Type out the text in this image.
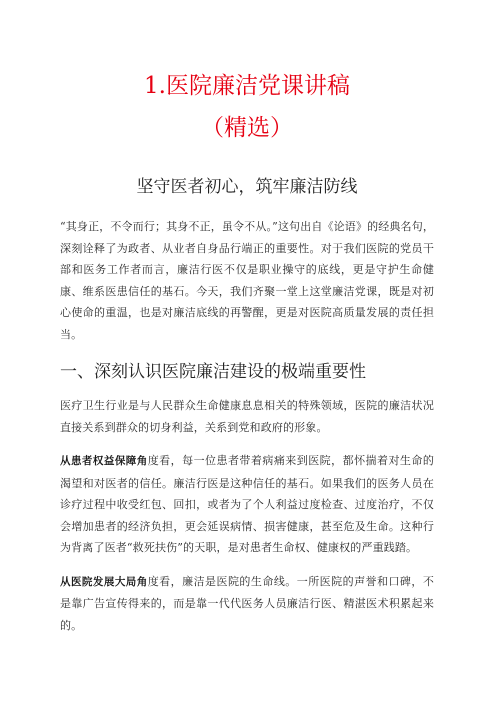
1.医院廉洁党课讲稿
（精选）
坚守医者初心，筑牢廉洁防线

“其身正，不令而行；其身不正，虽令不从。”这句出自《论语》的经典名句，深刻诠释了为政者、从业者自身品行端正的重要性。对于我们医院的党员干部和医务工作者而言，廉洁行医不仅是职业操守的底线，更是守护生命健康、维系医患信任的基石。今天，我们齐聚一堂上这堂廉洁党课，既是对初心使命的重温，也是对廉洁底线的再警醒，更是对医院高质量发展的责任担当。

一、深刻认识医院廉洁建设的极端重要性

医疗卫生行业是与人民群众生命健康息息相关的特殊领域，医院的廉洁状况直接关系到群众的切身利益，关系到党和政府的形象。

从患者权益保障角度看，每一位患者带着病痛来到医院，都怀揣着对生命的渴望和对医者的信任。廉洁行医是这种信任的基石。如果我们的医务人员在诊疗过程中收受红包、回扣，或者为了个人利益过度检查、过度治疗，不仅会增加患者的经济负担，更会延误病情、损害健康，甚至危及生命。这种行为背离了医者“救死扶伤”的天职，是对患者生命权、健康权的严重践踏。

从医院发展大局角度看，廉洁是医院的生命线。一所医院的声誉和口碑，不是靠广告宣传得来的，而是靠一代代医务人员廉洁行医、精湛医术积累起来的。
